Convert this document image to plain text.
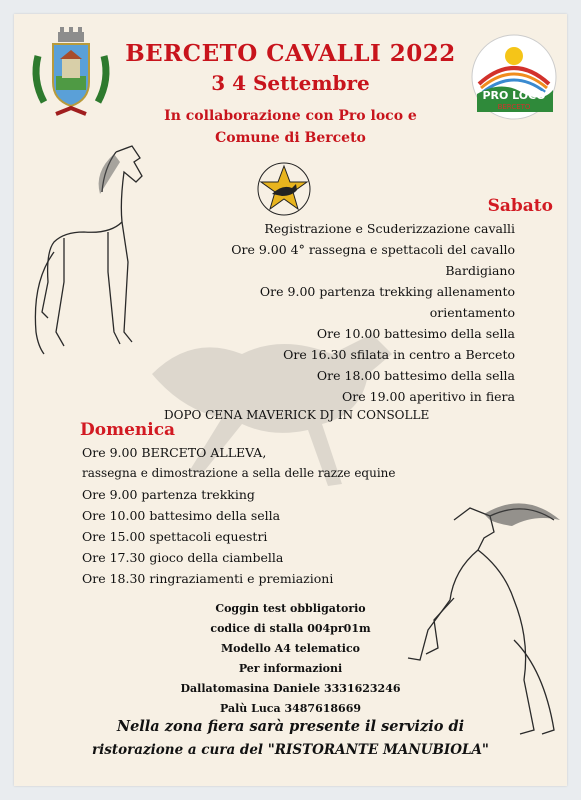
PRO LOCO
BERCETO
BERCETO CAVALLI 2022
3 4 Settembre
In collaborazione con Pro loco e
Comune di Berceto
Sabato
Registrazione e Scuderizzazione cavalli
Ore 9.00 4° rassegna e spettacoli del cavallo
Bardigiano
Ore 9.00 partenza trekking allenamento
orientamento
Ore 10.00 battesimo della sella
Ore 16.30 sfilata in centro a Berceto
Ore 18.00 battesimo della sella
Ore 19.00 aperitivo in fiera
DOPO CENA MAVERICK DJ IN CONSOLLE
Domenica
Ore 9.00 BERCETO ALLEVA,
rassegna e dimostrazione a sella delle razze equine
Ore 9.00 partenza trekking
Ore 10.00 battesimo della sella
Ore 15.00 spettacoli equestri
Ore 17.30 gioco della ciambella
Ore 18.30 ringraziamenti e premiazioni
Coggin test obbligatorio
codice di stalla 004pr01m
Modello A4 telematico
Per informazioni
Dallatomasina Daniele 3331623246
Palù Luca 3487618669
Nella zona fiera sarà presente il servizio di
ristorazione a cura del "RISTORANTE MANUBIOLA"
